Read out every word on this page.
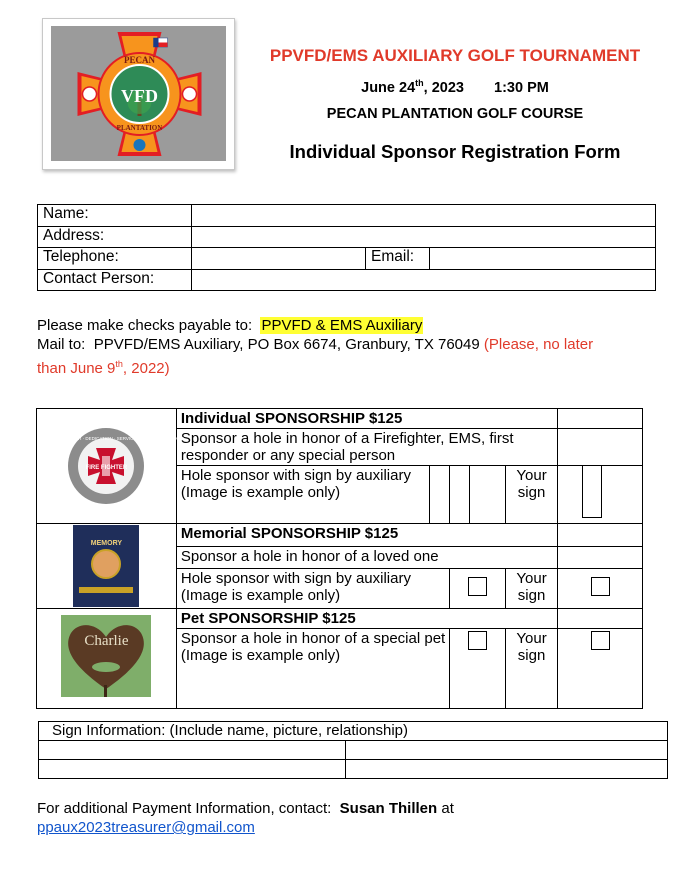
PECAN
VFD
PLANTATION
PPVFD/EMS AUXILIARY GOLF TOURNAMENT
June 24th, 2023 1:30 PM
PECAN PLANTATION GOLF COURSE
Individual Sponsor Registration Form
Name:			
Address:			
Telephone:		Email:	
Contact Person:			
Please make checks payable to: PPVFD & EMS Auxiliary
Mail to: PPVFD/EMS Auxiliary, PO Box 6674, Granbury, TX 76049 (Please, no later
than June 9th, 2022)
FIRE FIGHTER
VALOR · DEDICATION · SERVICE · HONOR · COURAGE	Individual SPONSORSHIP $125					
	Sponsor a hole in honor of a Firefighter, EMS, first responder or any special person					
	Hole sponsor with sign by auxiliary (Image is example only)				Your sign	

MEMORY	Memorial SPONSORSHIP $125					
	Sponsor a hole in honor of a loved one					
	Hole sponsor with sign by auxiliary (Image is example only)				Your sign	

Charlie	Pet SPONSORSHIP $125					
	Sponsor a hole in honor of a special pet (Image is example only)				Your sign	
Sign Information: (Include name, picture, relationship)	

For additional Payment Information, contact: Susan Thillen at
ppaux2023treasurer@gmail.com
